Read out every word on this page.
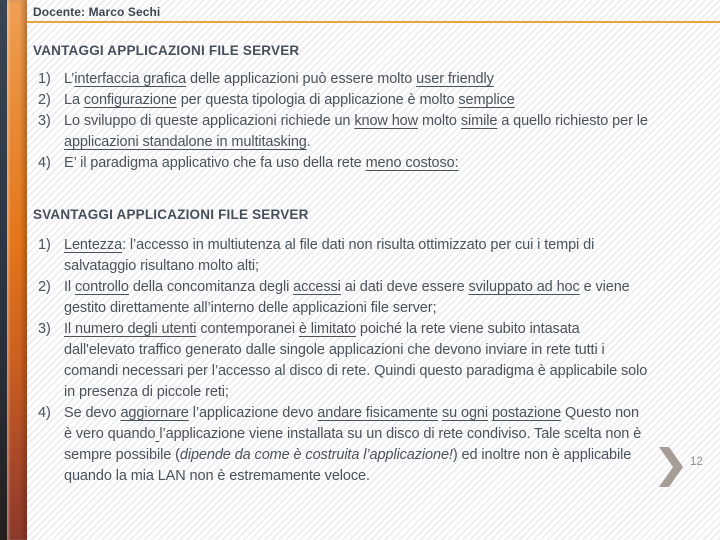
Docente: Marco Sechi
VANTAGGI APPLICAZIONI FILE SERVER
1) L’interfaccia grafica delle applicazioni può essere molto user friendly
2) La configurazione per questa tipologia di applicazione è molto semplice
3) Lo sviluppo di queste applicazioni richiede un know how molto simile a quello richiesto per le applicazioni standalone in multitasking.
4) E’ il paradigma applicativo che fa uso della rete meno costoso:
SVANTAGGI APPLICAZIONI FILE SERVER
1) Lentezza: l’accesso in multiutenza al file dati non risulta ottimizzato per cui i tempi di salvataggio risultano molto alti;
2) Il controllo della concomitanza degli accessi ai dati deve essere sviluppato ad hoc e viene gestito direttamente all’interno delle applicazioni file server;
3) Il numero degli utenti contemporanei è limitato poiché la rete viene subito intasata dall'elevato traffico generato dalle singole applicazioni che devono inviare in rete tutti i comandi necessari per l’accesso al disco di rete. Quindi questo paradigma è applicabile solo in presenza di piccole reti;
4) Se devo aggiornare l’applicazione devo andare fisicamente su ogni postazione Questo non è vero quando l’applicazione viene installata su un disco di rete condiviso. Tale scelta non è sempre possibile (dipende da come è costruita l’applicazione!) ed inoltre non è applicabile quando la mia LAN non è estremamente veloce.
12
